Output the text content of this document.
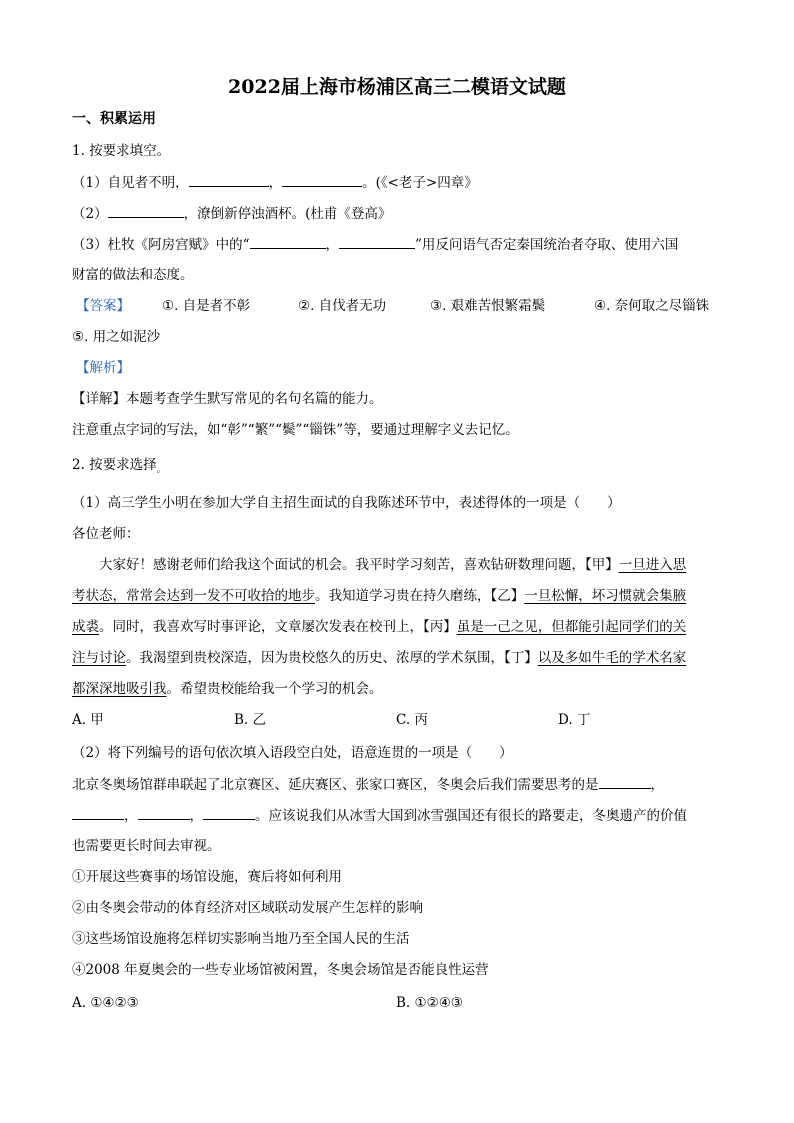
2022届上海市杨浦区高三二模语文试题
一、积累运用
1. 按要求填空。
（1）自见者不明，	，	。(《<老子>四章》
（2）	，潦倒新停浊酒杯。(杜甫《登高》
（3）杜牧《阿房宫赋》中的“	，	”用反问语气否定秦国统治者夺取、使用六国
财富的做法和态度。
【答案】 ①. 自是者不彰	②. 自伐者无功	③. 艰难苦恨繁霜鬓	④. 奈何取之尽锱铢
⑤. 用之如泥沙
【解析】
【详解】本题考查学生默写常见的名句名篇的能力。
注意重点字词的写法，如“彰”“繁”“鬓”“锱铢”等，要通过理解字义去记忆。
2. 按要求选择$_。$
（1）高三学生小明在参加大学自主招生面试的自我陈述环节中，表述得体的一项是（　　）
各位老师：
大家好！感谢老师们给我这个面试的机会。我平时学习刻苦，喜欢钻研数理问题，【甲】一旦进入思
考状态，常常会达到一发不可收拾的地步。我知道学习贵在持久磨练，【乙】一旦松懈，坏习惯就会集腋
成裘。同时，我喜欢写时事评论，文章屡次发表在校刊上，【丙】虽是一己之见，但都能引起同学们的关
注与讨论。我渴望到贵校深造，因为贵校悠久的历史、浓厚的学术氛围，【丁】以及多如牛毛的学术名家
都深深地吸引我。希望贵校能给我一个学习的机会。
A. 甲	B. 乙	C. 丙	D. 丁
（2）将下列编号的语句依次填入语段空白处，语意连贯的一项是（　　）
北京冬奥场馆群串联起了北京赛区、延庆赛区、张家口赛区，冬奥会后我们需要思考的是	，
，	，	。应该说我们从冰雪大国到冰雪强国还有很长的路要走，冬奥遗产的价值
也需要更长时间去审视。
①开展这些赛事的场馆设施，赛后将如何利用
②由冬奥会带动的体育经济对区域联动发展产生怎样的影响
③这些场馆设施将怎样切实影响当地乃至全国人民的生活
④2008 年夏奥会的一些专业场馆被闲置，冬奥会场馆是否能良性运营
A. ①④②③	B. ①②④③
